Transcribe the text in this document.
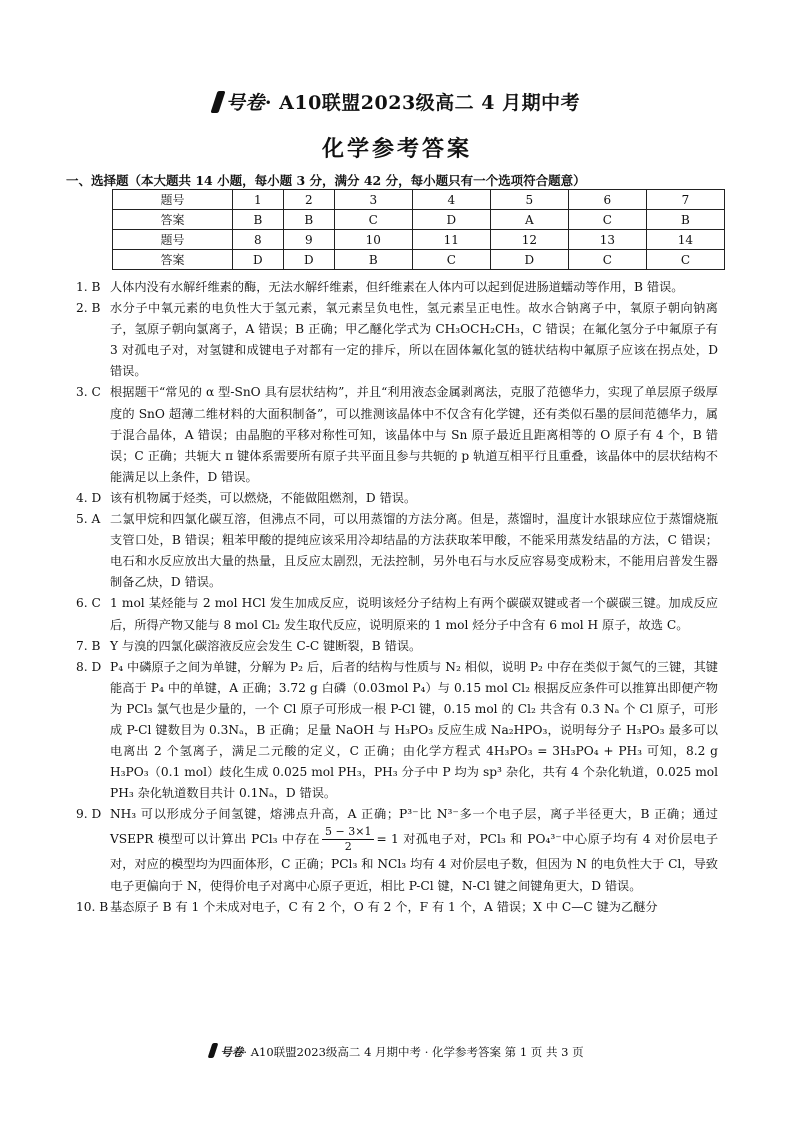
号卷· A10联盟2023级高二 4 月期中考
化学参考答案
一、选择题（本大题共 14 小题，每小题 3 分，满分 42 分，每小题只有一个选项符合题意）
题号	1	2	3	4	5	6	7
答案	B	B	C	D	A	C	B
题号	8	9	10	11	12	13	14
答案	D	D	B	C	D	C	C
1. B 人体内没有水解纤维素的酶，无法水解纤维素，但纤维素在人体内可以起到促进肠道蠕动等作用，B 错误。
2. B 水分子中氧元素的电负性大于氢元素，氧元素呈负电性，氢元素呈正电性。故水合钠离子中，氧原子朝向钠离子，氢原子朝向氯离子，A 错误；B 正确；甲乙醚化学式为 CH₃OCH₂CH₃，C 错误；在氟化氢分子中氟原子有 3 对孤电子对，对氢键和成键电子对都有一定的排斥，所以在固体氟化氢的链状结构中氟原子应该在拐点处，D 错误。
3. C 根据题干“常见的 α 型-SnO 具有层状结构”，并且“利用液态金属剥离法，克服了范德华力，实现了单层原子级厚度的 SnO 超薄二维材料的大面积制备”，可以推测该晶体中不仅含有化学键，还有类似石墨的层间范德华力，属于混合晶体，A 错误；由晶胞的平移对称性可知，该晶体中与 Sn 原子最近且距离相等的 O 原子有 4 个，B 错误；C 正确；共轭大 π 键体系需要所有原子共平面且参与共轭的 p 轨道互相平行且重叠，该晶体中的层状结构不能满足以上条件，D 错误。
4. D 该有机物属于烃类，可以燃烧，不能做阻燃剂，D 错误。
5. A 二氯甲烷和四氯化碳互溶，但沸点不同，可以用蒸馏的方法分离。但是，蒸馏时，温度计水银球应位于蒸馏烧瓶支管口处，B 错误；粗苯甲酸的提纯应该采用冷却结晶的方法获取苯甲酸，不能采用蒸发结晶的方法，C 错误；电石和水反应放出大量的热量，且反应太剧烈，无法控制，另外电石与水反应容易变成粉末，不能用启普发生器制备乙炔，D 错误。
6. C 1 mol 某烃能与 2 mol HCl 发生加成反应，说明该烃分子结构上有两个碳碳双键或者一个碳碳三键。加成反应后，所得产物又能与 8 mol Cl₂ 发生取代反应，说明原来的 1 mol 烃分子中含有 6 mol H 原子，故选 C。
7. B Y 与溴的四氯化碳溶液反应会发生 C-C 键断裂，B 错误。
8. D P₄ 中磷原子之间为单键，分解为 P₂ 后，后者的结构与性质与 N₂ 相似，说明 P₂ 中存在类似于氮气的三键，其键能高于 P₄ 中的单键，A 正确；3.72 g 白磷（0.03mol P₄）与 0.15 mol Cl₂ 根据反应条件可以推算出即便产物为 PCl₃ 氯气也是少量的，一个 Cl 原子可形成一根 P-Cl 键，0.15 mol 的 Cl₂ 共含有 0.3 Nₐ 个 Cl 原子，可形成 P-Cl 键数目为 0.3Nₐ，B 正确；足量 NaOH 与 H₃PO₃ 反应生成 Na₂HPO₃，说明每分子 H₃PO₃ 最多可以电离出 2 个氢离子，满足二元酸的定义，C 正确；由化学方程式 4H₃PO₃ = 3H₃PO₄ + PH₃ 可知，8.2 g H₃PO₃（0.1 mol）歧化生成 0.025 mol PH₃，PH₃ 分子中 P 均为 sp³ 杂化，共有 4 个杂化轨道，0.025 mol PH₃ 杂化轨道数目共计 0.1Nₐ，D 错误。
9. D NH₃ 可以形成分子间氢键，熔沸点升高，A 正确；P³⁻比 N³⁻多一个电子层，离子半径更大，B 正确；通过 VSEPR 模型可以计算出 PCl₃ 中存在 $\frac{5 - 3\times 1}{2} = 1$ 对孤电子对，PCl₃ 和 PO₄³⁻中心原子均有 4 对价层电子对，对应的模型均为四面体形，C 正确；PCl₃ 和 NCl₃ 均有 4 对价层电子数，但因为 N 的电负性大于 Cl，导致电子更偏向于 N，使得价电子对离中心原子更近，相比 P-Cl 键，N-Cl 键之间键角更大，D 错误。
10. B 基态原子 B 有 1 个未成对电子，C 有 2 个，O 有 2 个，F 有 1 个，A 错误；X 中 C—C 键为乙醚分
号卷· A10联盟2023级高二 4 月期中考 · 化学参考答案 第 1 页 共 3 页
